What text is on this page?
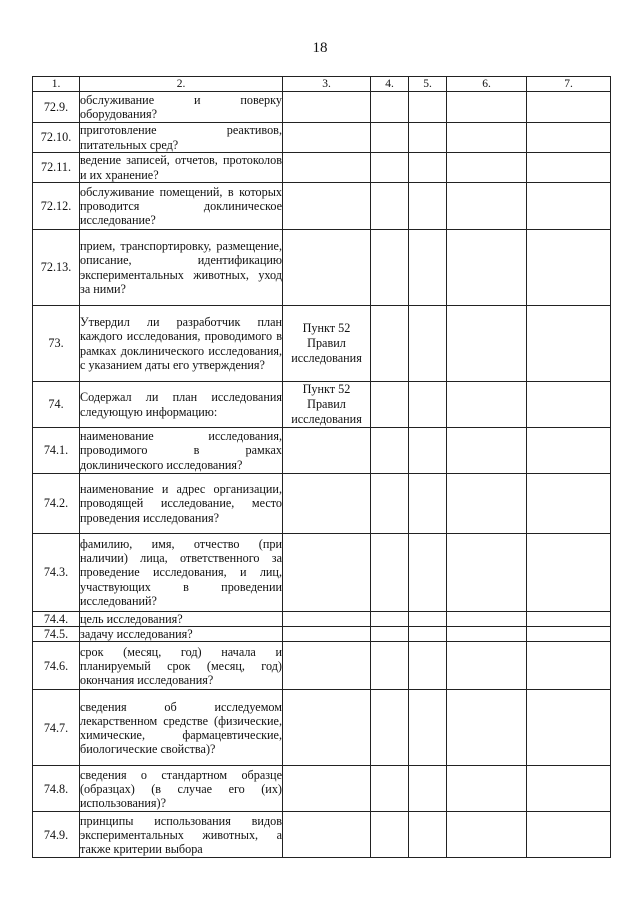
18
1.	2.	3.	4.	5.	6.	7.
72.9.	обслуживание и поверку оборудования?					
72.10.	приготовление реактивов, питательных сред?					
72.11.	ведение записей, отчетов, протоколов и их хранение?					
72.12.	обслуживание помещений, в которых проводится доклиническое исследование?					
72.13.	прием, транспортировку, размещение, описание, идентификацию экспериментальных животных, уход за ними?					
73.	Утвердил ли разработчик план каждого исследования, проводимого в рамках доклинического исследования, с указанием даты его утверждения?	Пункт 52
Правил
исследования				

74.	Содержал ли план исследования следующую информацию:	Пункт 52
Правил
исследования				

74.1.	наименование исследования, проводимого в рамках доклинического исследования?					
74.2.	наименование и адрес организации, проводящей исследование, место проведения исследования?					
74.3.	фамилию, имя, отчество (при наличии) лица, ответственного за проведение исследования, и лиц, участвующих в проведении исследований?					
74.4.	цель исследования?					
74.5.	задачу исследования?					
74.6.	срок (месяц, год) начала и планируемый срок (месяц, год) окончания исследования?					
74.7.	сведения об исследуемом лекарственном средстве (физические, химические, фармацевтические, биологические свойства)?					
74.8.	сведения о стандартном образце (образцах) (в случае его (их) использования)?					
74.9.	принципы использования видов экспериментальных животных, а также критерии выбора					
